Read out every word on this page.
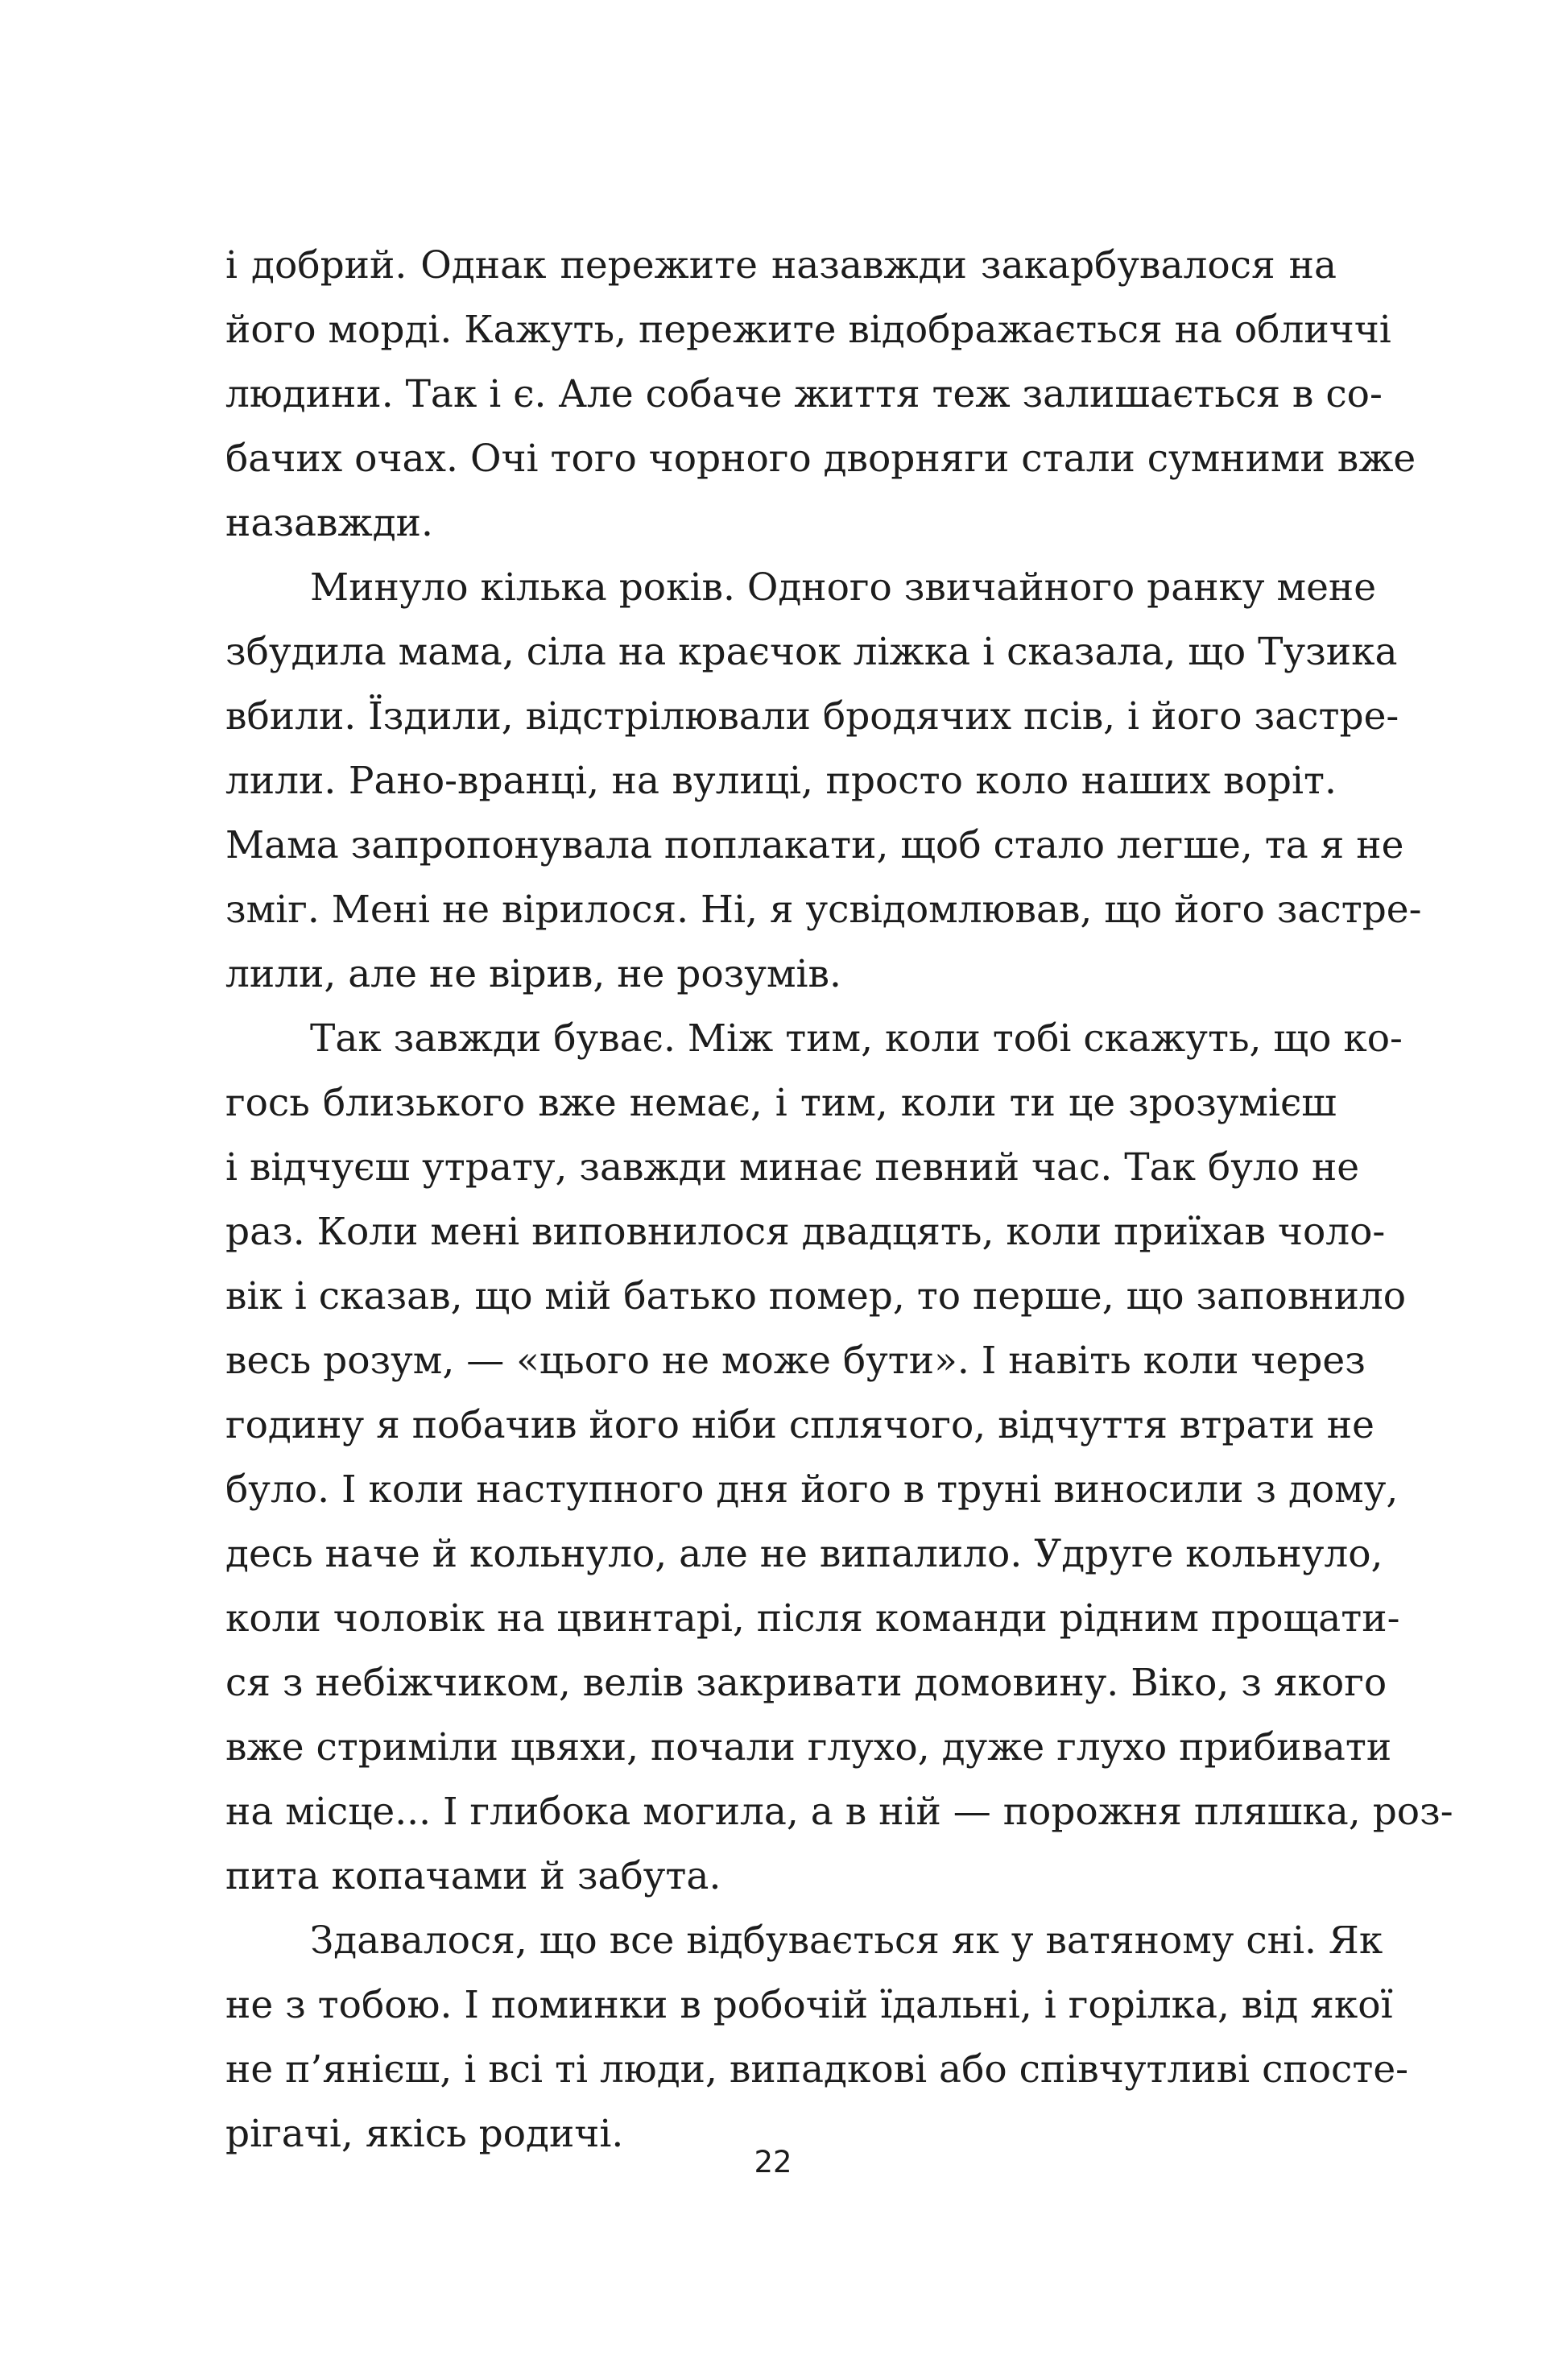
і добрий. Однак пережите назавжди закарбувалося на
його морді. Кажуть, пережите відображається на обличчі
людини. Так і є. Але собаче життя теж залишається в со-
бачих очах. Очі того чорного дворняги стали сумними вже
назавжди.
Минуло кілька років. Одного звичайного ранку мене
збудила мама, сіла на краєчок ліжка і сказала, що Тузика
вбили. Їздили, відстрілювали бродячих псів, і його застре-
лили. Рано-вранці, на вулиці, просто коло наших воріт.
Мама запропонувала поплакати, щоб стало легше, та я не
зміг. Мені не вірилося. Ні, я усвідомлював, що його застре-
лили, але не вірив, не розумів.
Так завжди буває. Між тим, коли тобі скажуть, що ко-
гось близького вже немає, і тим, коли ти це зрозумієш
і відчуєш утрату, завжди минає певний час. Так було не
раз. Коли мені виповнилося двадцять, коли приїхав чоло-
вік і сказав, що мій батько помер, то перше, що заповнило
весь розум, — «цього не може бути». І навіть коли через
годину я побачив його ніби сплячого, відчуття втрати не
було. І коли наступного дня його в труні виносили з дому,
десь наче й кольнуло, але не випалило. Удруге кольнуло,
коли чоловік на цвинтарі, після команди рідним прощати-
ся з небіжчиком, велів закривати домовину. Віко, з якого
вже стриміли цвяхи, почали глухо, дуже глухо прибивати
на місце... І глибока могила, а в ній — порожня пляшка, роз-
пита копачами й забута.
Здавалося, що все відбувається як у ватяному сні. Як
не з тобою. І поминки в робочій їдальні, і горілка, від якої
не п’янієш, і всі ті люди, випадкові або співчутливі спосте-
рігачі, якісь родичі.
22
